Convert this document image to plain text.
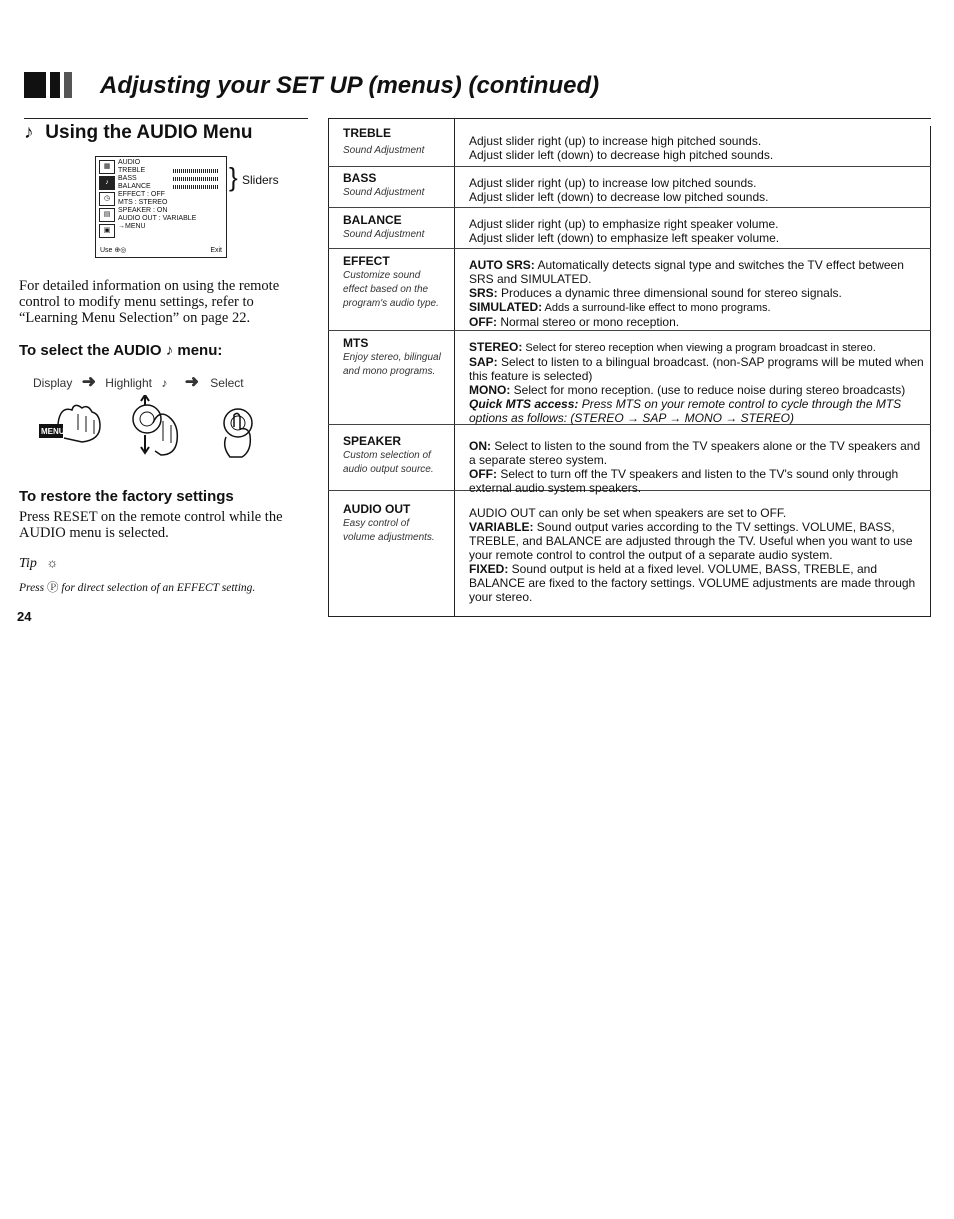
Adjusting your SET UP (menus) (continued)
♪ Using the AUDIO Menu
▦
♪
◷
▤
▣
AUDIO
TREBLE
BASS
BALANCE
EFFECT : OFF
MTS : STEREO
SPEAKER : ON
AUDIO OUT : VARIABLE
→MENU
Use ⊕◎	Exit
} Sliders
For detailed information on using the remote control to modify menu settings, refer to “Learning Menu Selection” on page 22.
To select the AUDIO ♪ menu:
Display ➜ Highlight ♪ ➜ Select
MENU
To restore the factory settings
Press RESET on the remote control while the AUDIO menu is selected.
Tip ☼
Press Ⓟ for direct selection of an EFFECT setting.
24
TREBLE
Sound Adjustment

Adjust slider right (up) to increase high pitched sounds.

Adjust slider left (down) to decrease high pitched sounds.

BASS
Sound Adjustment

Adjust slider right (up) to increase low pitched sounds.

Adjust slider left (down) to decrease low pitched sounds.

BALANCE
Sound Adjustment

Adjust slider right (up) to emphasize right speaker volume.

Adjust slider left (down) to emphasize left speaker volume.

EFFECT
Customize sound effect based on the program's audio type.

AUTO SRS: Automatically detects signal type and switches the TV effect between SRS and SIMULATED.

SRS: Produces a dynamic three dimensional sound for stereo signals.

SIMULATED: Adds a surround-like effect to mono programs.

OFF: Normal stereo or mono reception.

MTS
Enjoy stereo, bilingual and mono programs.

STEREO: Select for stereo reception when viewing a program broadcast in stereo.

SAP: Select to listen to a bilingual broadcast. (non-SAP programs will be muted when this feature is selected)

MONO: Select for mono reception. (use to reduce noise during stereo broadcasts)

Quick MTS access: Press MTS on your remote control to cycle through the MTS options as follows: (STEREO → SAP → MONO → STEREO)

SPEAKER
Custom selection of audio output source.

ON: Select to listen to the sound from the TV speakers alone or the TV speakers and a separate stereo system.

OFF: Select to turn off the TV speakers and listen to the TV's sound only through external audio system speakers.

AUDIO OUT
Easy control of volume adjustments.

AUDIO OUT can only be set when speakers are set to OFF.

VARIABLE: Sound output varies according to the TV settings. VOLUME, BASS, TREBLE, and BALANCE are adjusted through the TV. Useful when you want to use your remote control to control the output of a separate audio system.

FIXED: Sound output is held at a fixed level. VOLUME, BASS, TREBLE, and BALANCE are fixed to the factory settings. VOLUME adjustments are made through your stereo.
